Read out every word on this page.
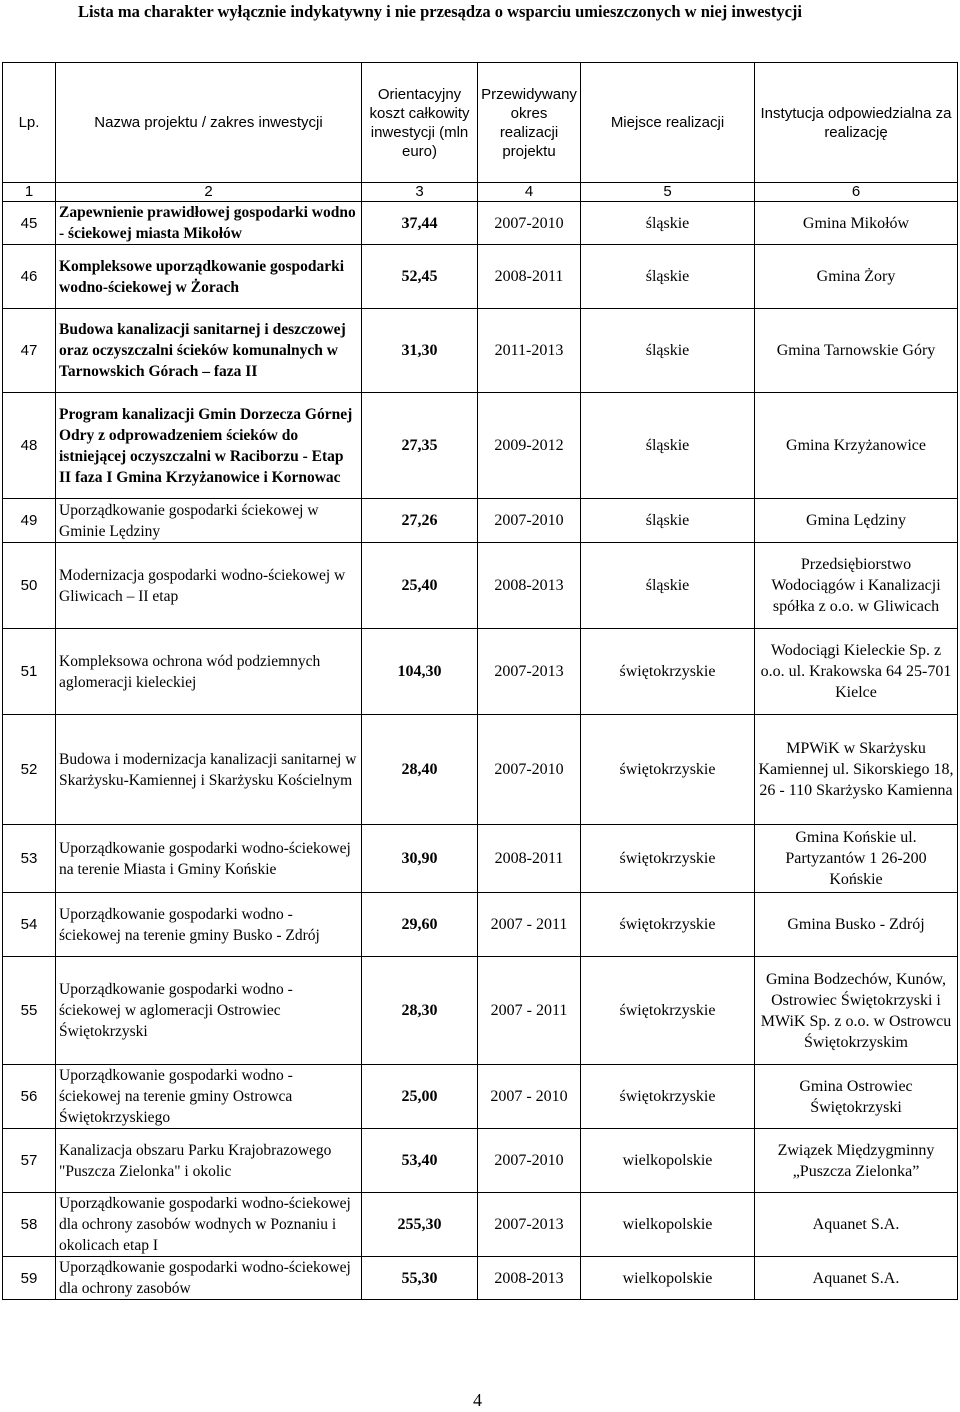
Lista ma charakter wyłącznie indykatywny i nie przesądza o wsparciu umieszczonych w niej inwestycji
Lp.	Nazwa projektu / zakres inwestycji	Orientacyjny koszt całkowity inwestycji (mln euro)	Przewidywany okres realizacji projektu	Miejsce realizacji	Instytucja odpowiedzialna za realizację
1	2	3	4	5	6
45	Zapewnienie prawidłowej gospodarki wodno - ściekowej miasta Mikołów	37,44	2007-2010	śląskie	Gmina Mikołów
46	Kompleksowe uporządkowanie gospodarki wodno-ściekowej w Żorach	52,45	2008-2011	śląskie	Gmina Żory
47	Budowa kanalizacji sanitarnej i deszczowej oraz oczyszczalni ścieków komunalnych w Tarnowskich Górach – faza II	31,30	2011-2013	śląskie	Gmina Tarnowskie Góry
48	Program kanalizacji Gmin Dorzecza Górnej Odry z odprowadzeniem ścieków do istniejącej oczyszczalni w Raciborzu - Etap II faza I Gmina Krzyżanowice i Kornowac	27,35	2009-2012	śląskie	Gmina Krzyżanowice
49	Uporządkowanie gospodarki ściekowej w Gminie Lędziny	27,26	2007-2010	śląskie	Gmina Lędziny
50	Modernizacja gospodarki wodno-ściekowej w Gliwicach – II etap	25,40	2008-2013	śląskie	Przedsiębiorstwo Wodociągów i Kanalizacji spółka z o.o. w Gliwicach
51	Kompleksowa ochrona wód podziemnych aglomeracji kieleckiej	104,30	2007-2013	świętokrzyskie	Wodociągi Kieleckie Sp. z o.o. ul. Krakowska 64 25-701 Kielce
52	Budowa i modernizacja kanalizacji sanitarnej w Skarżysku-Kamiennej i Skarżysku Kościelnym	28,40	2007-2010	świętokrzyskie	MPWiK w Skarżysku Kamiennej ul. Sikorskiego 18, 26 - 110 Skarżysko Kamienna
53	Uporządkowanie gospodarki wodno-ściekowej na terenie Miasta i Gminy Końskie	30,90	2008-2011	świętokrzyskie	Gmina Końskie ul. Partyzantów 1 26-200 Końskie
54	Uporządkowanie gospodarki wodno - ściekowej na terenie gminy Busko - Zdrój	29,60	2007 - 2011	świętokrzyskie	Gmina Busko - Zdrój
55	Uporządkowanie gospodarki wodno - ściekowej w aglomeracji Ostrowiec Świętokrzyski	28,30	2007 - 2011	świętokrzyskie	Gmina Bodzechów, Kunów, Ostrowiec Świętokrzyski i MWiK Sp. z o.o. w Ostrowcu Świętokrzyskim
56	Uporządkowanie gospodarki wodno - ściekowej na terenie gminy Ostrowca Świętokrzyskiego	25,00	2007 - 2010	świętokrzyskie	Gmina Ostrowiec Świętokrzyski
57	Kanalizacja obszaru Parku Krajobrazowego "Puszcza Zielonka" i okolic	53,40	2007-2010	wielkopolskie	Związek Międzygminny „Puszcza Zielonka”
58	Uporządkowanie gospodarki wodno-ściekowej dla ochrony zasobów wodnych w Poznaniu i okolicach etap I	255,30	2007-2013	wielkopolskie	Aquanet S.A.
59	Uporządkowanie gospodarki wodno-ściekowej dla ochrony zasobów	55,30	2008-2013	wielkopolskie	Aquanet S.A.
4
